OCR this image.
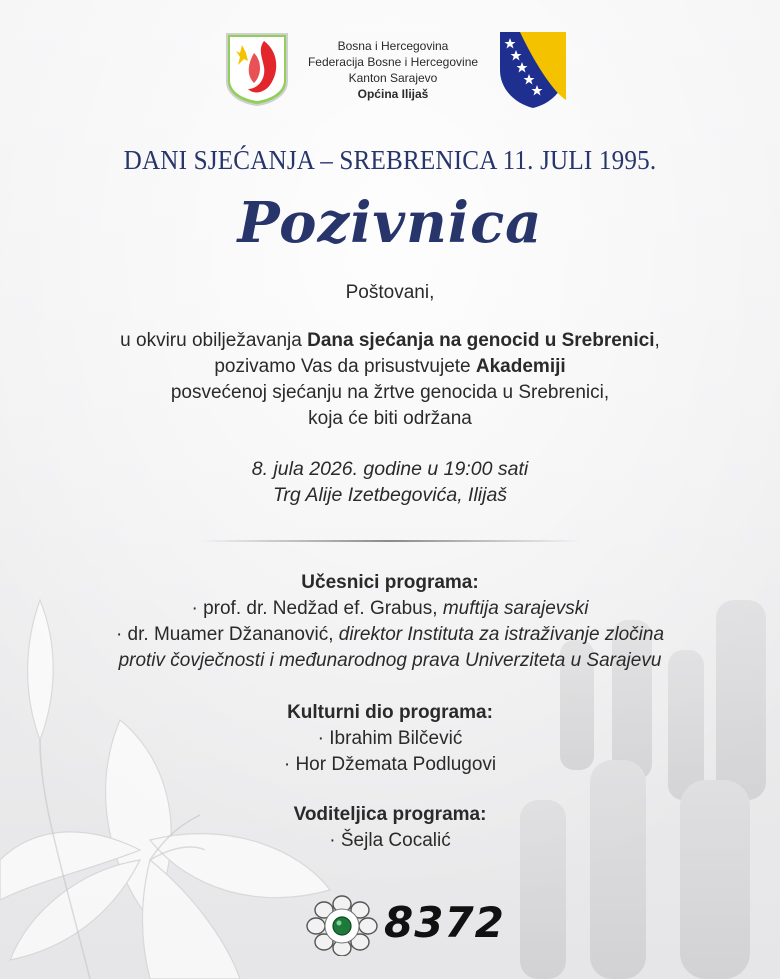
Bosna i Hercegovina
Federacija Bosne i Hercegovine
Kanton Sarajevo
Općina Ilijaš
DANI SJEĆANJA – SREBRENICA 11. JULI 1995.
Pozivnica
Poštovani,
u okviru obilježavanja Dana sjećanja na genocid u Srebrenici,
pozivamo Vas da prisustvujete Akademiji
posvećenoj sjećanju na žrtve genocida u Srebrenici,
koja će biti održana
8. jula 2026. godine u 19:00 sati
Trg Alije Izetbegovića, Ilijaš
Učesnici programa:
· prof. dr. Nedžad ef. Grabus, muftija sarajevski
· dr. Muamer Džananović, direktor Instituta za istraživanje zločina
protiv čovječnosti i međunarodnog prava Univerziteta u Sarajevu
Kulturni dio programa:
· Ibrahim Bilčević
· Hor Džemata Podlugovi
Voditeljica programa:
· Šejla Cocalić
8372
